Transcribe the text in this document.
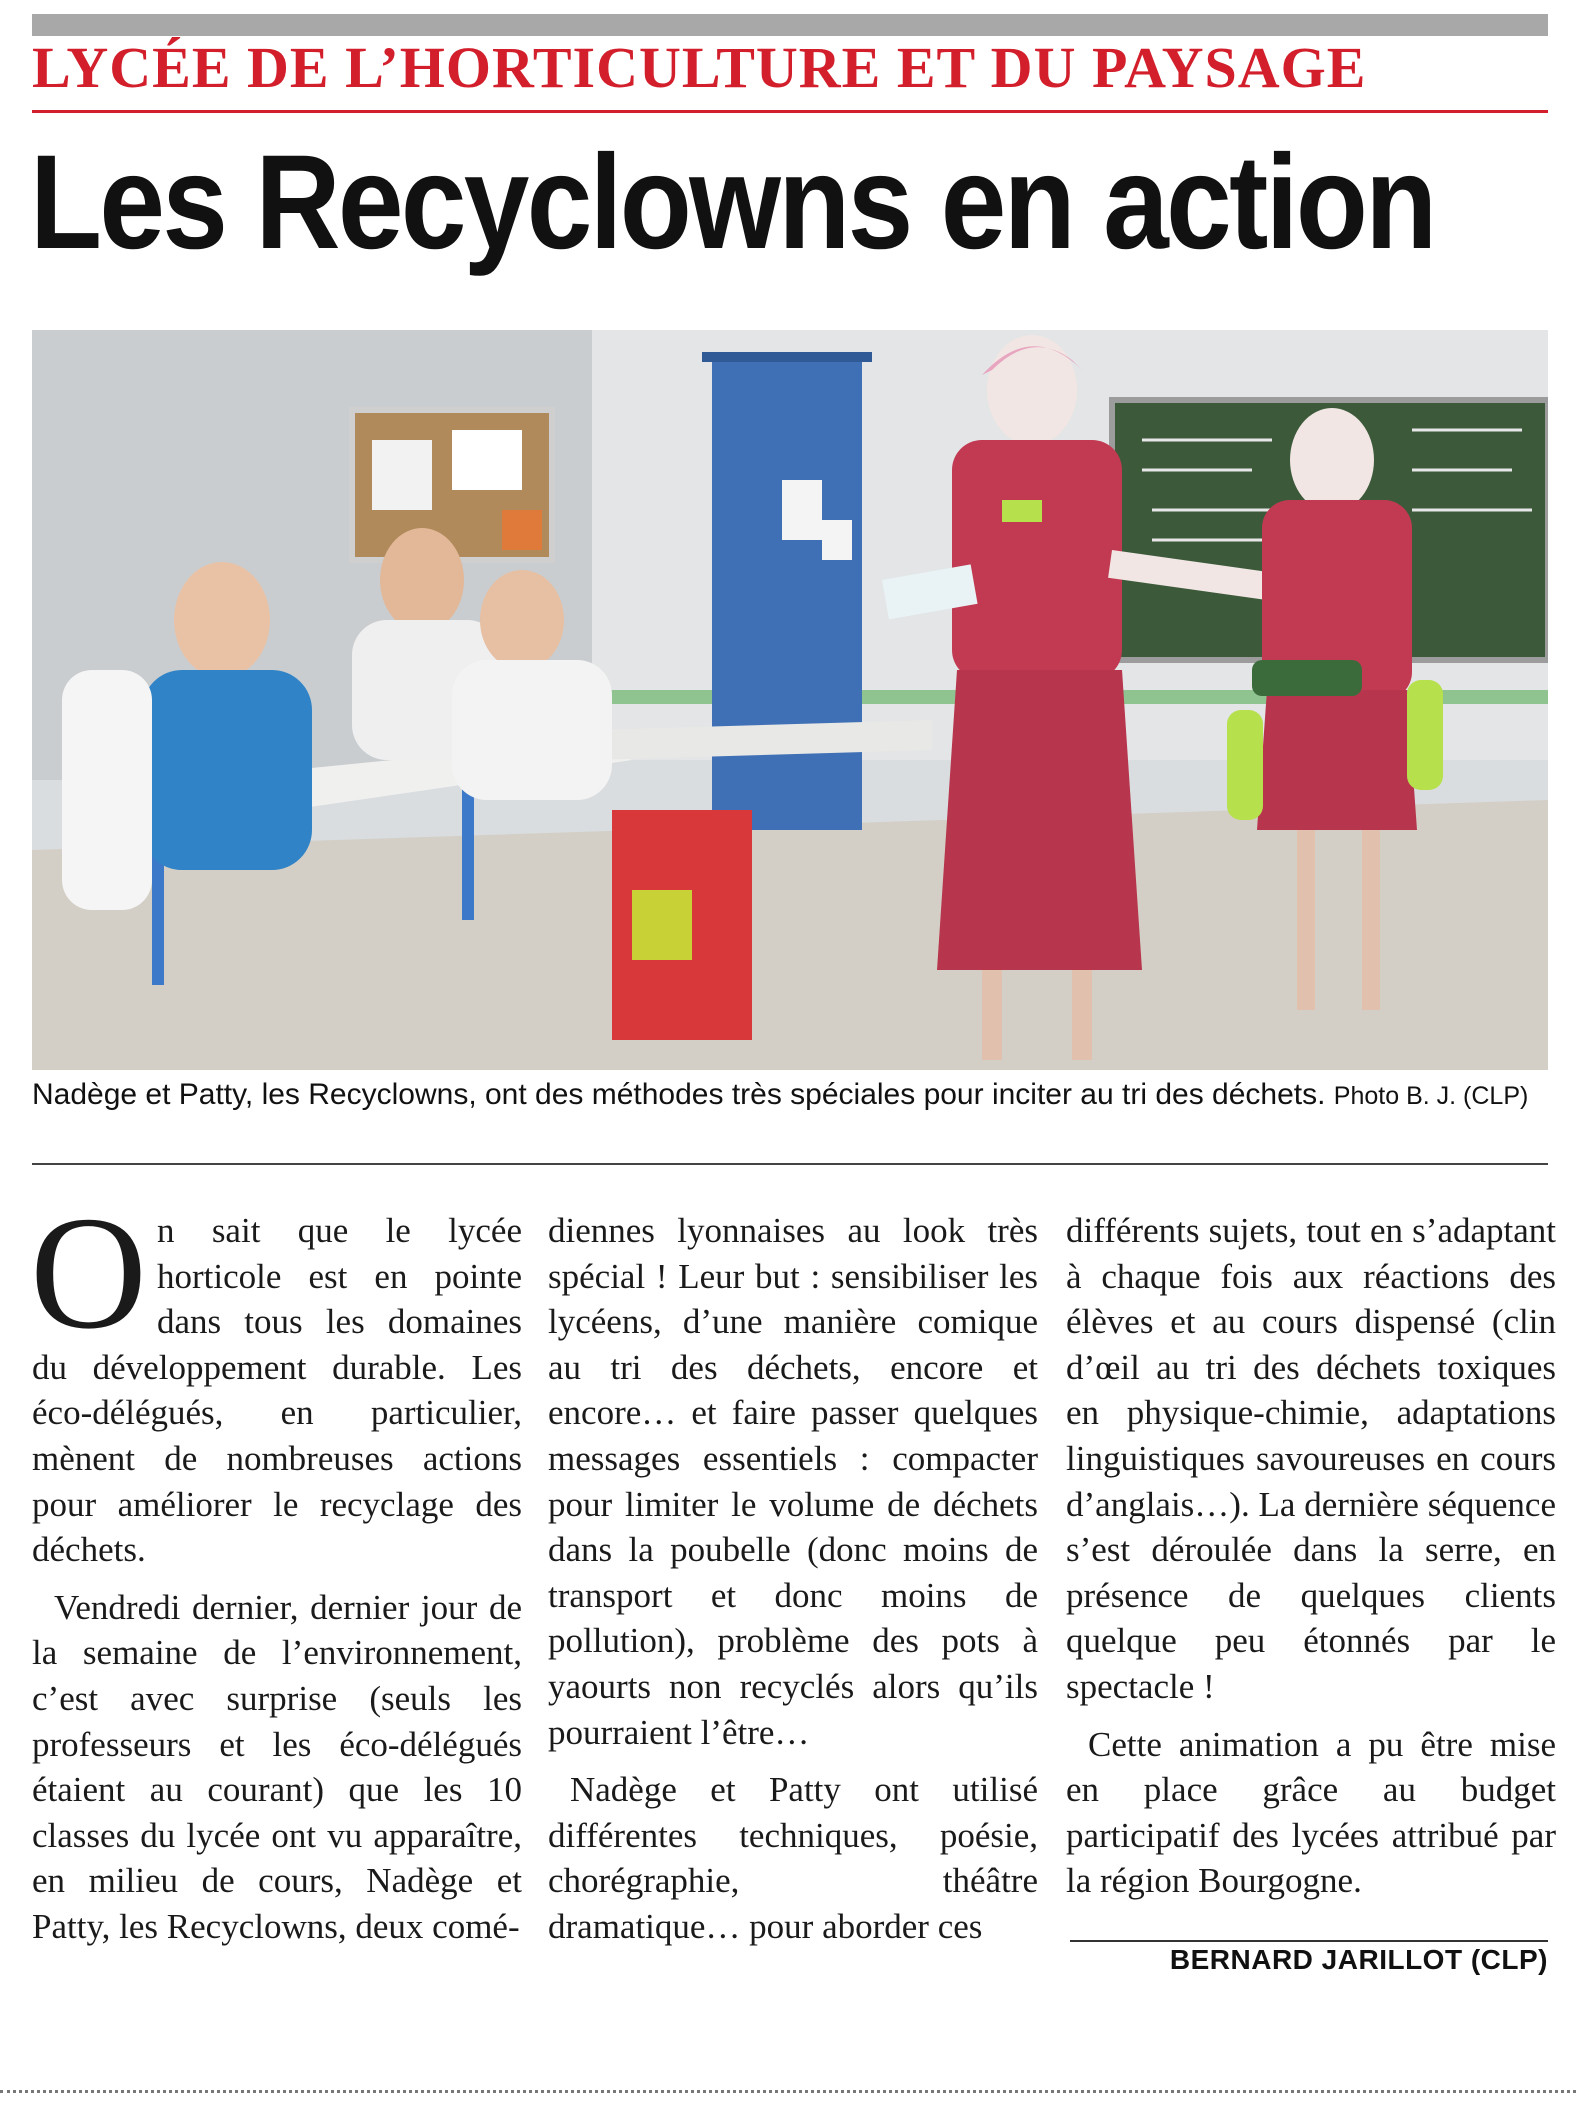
LYCÉE DE L’HORTICULTURE ET DU PAYSAGE
Les Recyclowns en action
Nadège et Patty, les Recyclowns, ont des méthodes très spéciales pour inciter au tri des déchets. Photo B. J. (CLP)

On sait que le lycée horticole est en pointe dans tous les domaines du développement durable. Les éco-délégués, en particulier, mènent de nombreuses actions pour améliorer le recyclage des déchets.

Vendredi dernier, dernier jour de la semaine de l’environnement, c’est avec surprise (seuls les professeurs et les éco-délégués étaient au courant) que les 10 classes du lycée ont vu apparaître, en milieu de cours, Nadège et Patty, les Recyclowns, deux comé-

diennes lyonnaises au look très spécial ! Leur but : sensibiliser les lycéens, d’une manière comique au tri des déchets, encore et encore… et faire passer quelques messages essentiels : compacter pour limiter le volume de déchets dans la poubelle (donc moins de transport et donc moins de pollution), problème des pots à yaourts non recyclés alors qu’ils pourraient l’être…

Nadège et Patty ont utilisé différentes techniques, poésie, chorégraphie, théâtre dramatique… pour aborder ces

différents sujets, tout en s’adaptant à chaque fois aux réactions des élèves et au cours dispensé (clin d’œil au tri des déchets toxiques en physique-chimie, adaptations linguistiques savoureuses en cours d’anglais…). La dernière séquence s’est déroulée dans la serre, en présence de quelques clients quelque peu étonnés par le spectacle !

Cette animation a pu être mise en place grâce au budget participatif des lycées attribué par la région Bourgogne.

BERNARD JARILLOT (CLP)
